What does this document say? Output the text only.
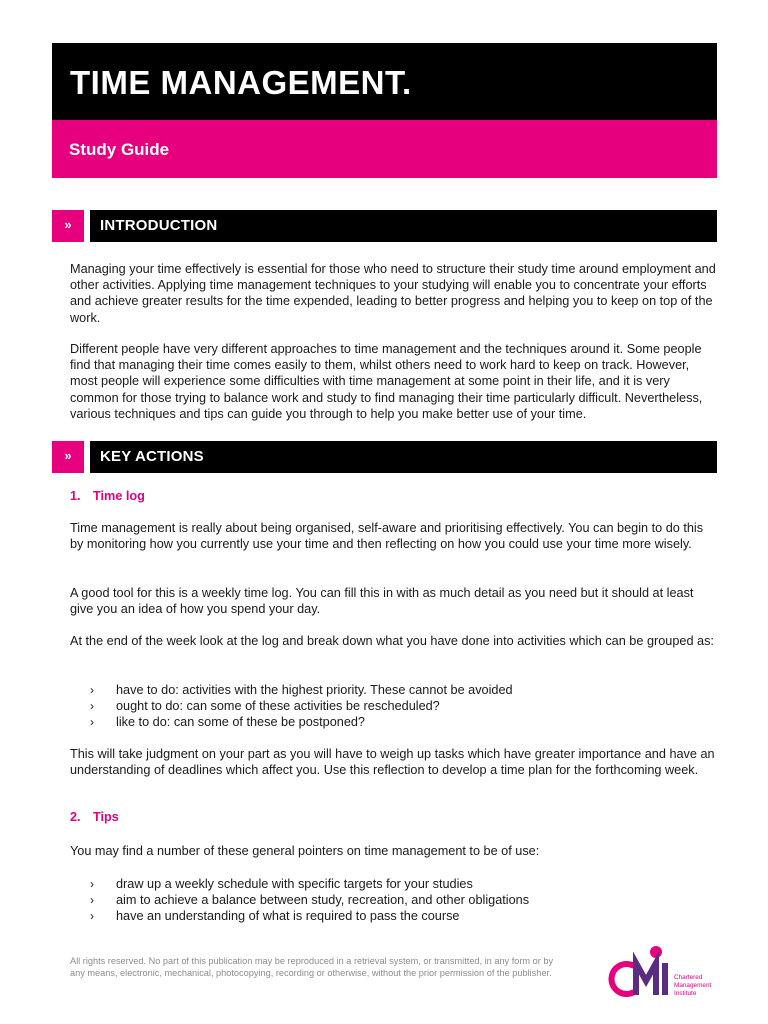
TIME MANAGEMENT.
Study Guide
»	INTRODUCTION

Managing your time effectively is essential for those who need to structure their study time around employment and other activities. Applying time management techniques to your studying will enable you to concentrate your efforts and achieve greater results for the time expended, leading to better progress and helping you to keep on top of the work.

Different people have very different approaches to time management and the techniques around it. Some people find that managing their time comes easily to them, whilst others need to work hard to keep on track. However, most people will experience some difficulties with time management at some point in their life, and it is very common for those trying to balance work and study to find managing their time particularly difficult. Nevertheless, various techniques and tips can guide you through to help you make better use of your time.

»	KEY ACTIONS

1. Time log

Time management is really about being organised, self-aware and prioritising effectively. You can begin to do this by monitoring how you currently use your time and then reflecting on how you could use your time more wisely.

A good tool for this is a weekly time log. You can fill this in with as much detail as you need but it should at least give you an idea of how you spend your day.

At the end of the week look at the log and break down what you have done into activities which can be grouped as:

› have to do: activities with the highest priority. These cannot be avoided
› ought to do: can some of these activities be rescheduled?
› like to do: can some of these be postponed?

This will take judgment on your part as you will have to weigh up tasks which have greater importance and have an understanding of deadlines which affect you. Use this reflection to develop a time plan for the forthcoming week.

2. Tips

You may find a number of these general pointers on time management to be of use:

› draw up a weekly schedule with specific targets for your studies
› aim to achieve a balance between study, recreation, and other obligations
› have an understanding of what is required to pass the course

All rights reserved. No part of this publication may be reproduced in a retrieval system, or transmitted, in any form or by any means, electronic, mechanical, photocopying, recording or otherwise, without the prior permission of the publisher.	Chartered
Management
Institute
